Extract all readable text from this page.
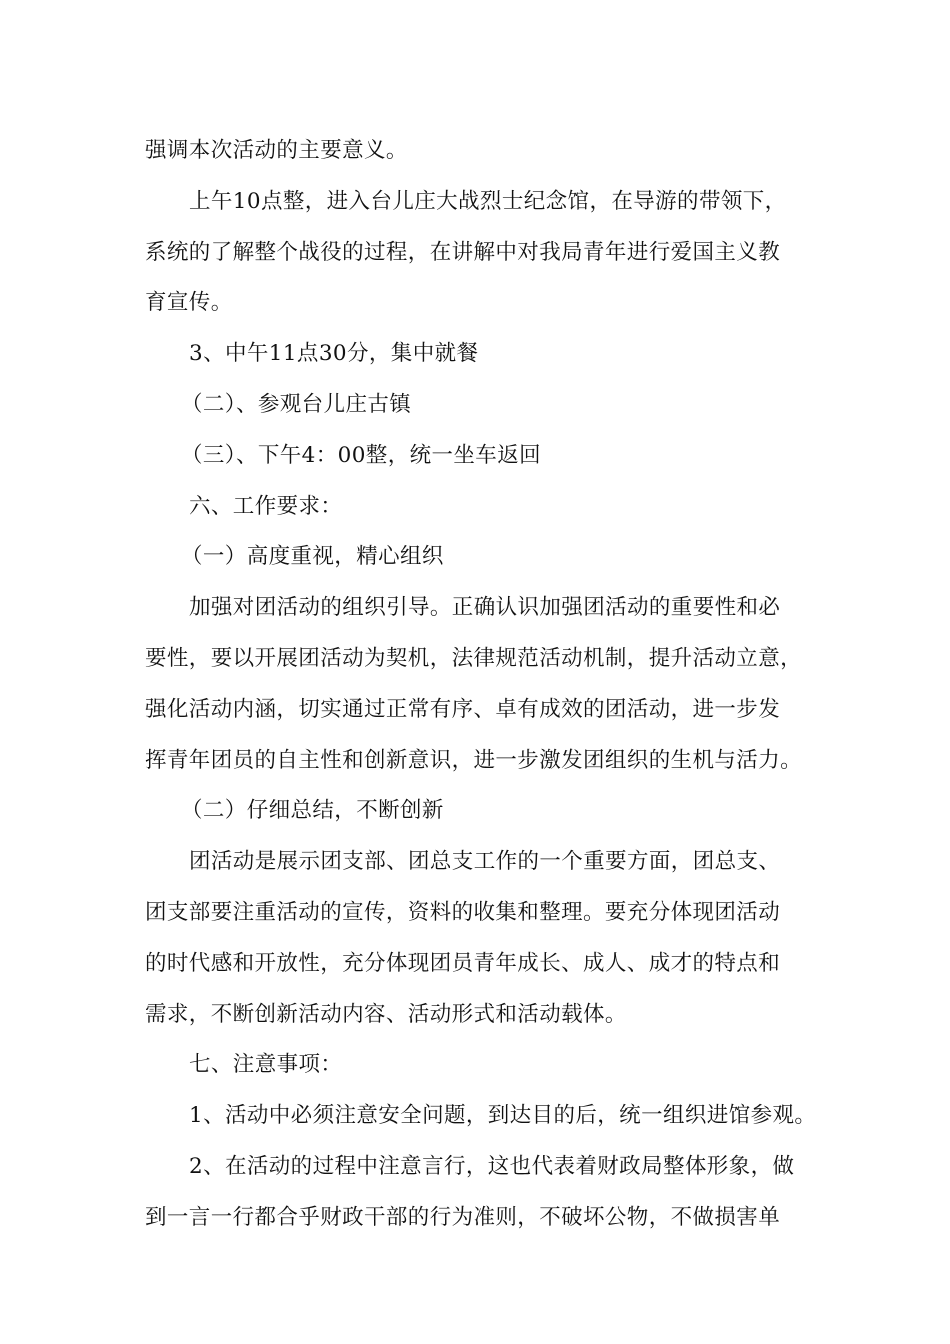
强调本次活动的主要意义。
上午10点整，进入台儿庄大战烈士纪念馆，在导游的带领下，
系统的了解整个战役的过程，在讲解中对我局青年进行爱国主义教
育宣传。
3、中午11点30分，集中就餐
（二）、参观台儿庄古镇
（三）、下午4：00整，统一坐车返回
六、工作要求：
（一）高度重视，精心组织
加强对团活动的组织引导。正确认识加强团活动的重要性和必
要性，要以开展团活动为契机，法律规范活动机制，提升活动立意，
强化活动内涵，切实通过正常有序、卓有成效的团活动，进一步发
挥青年团员的自主性和创新意识，进一步激发团组织的生机与活力。
（二）仔细总结，不断创新
团活动是展示团支部、团总支工作的一个重要方面，团总支、
团支部要注重活动的宣传，资料的收集和整理。要充分体现团活动
的时代感和开放性，充分体现团员青年成长、成人、成才的特点和
需求，不断创新活动内容、活动形式和活动载体。
七、注意事项：
1、活动中必须注意安全问题，到达目的后，统一组织进馆参观。
2、在活动的过程中注意言行，这也代表着财政局整体形象，做
到一言一行都合乎财政干部的行为准则，不破坏公物，不做损害单
